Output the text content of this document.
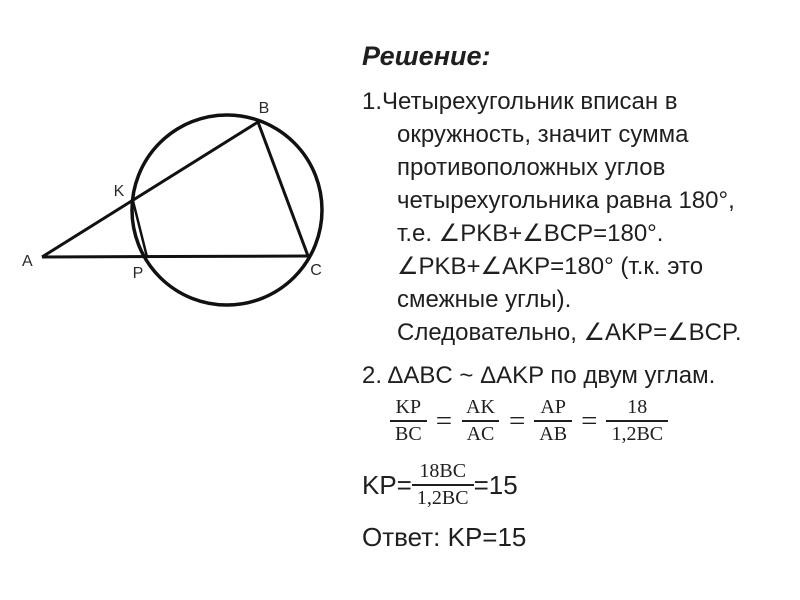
A
B
K
P	C
Решение:
1.Четырехугольник вписан в
окружность, значит сумма
противоположных углов
четырехугольника равна 180°,
т.е. ∠PKB+∠BCP=180°.
∠PKB+∠AKP=180° (т.к. это
смежные углы).
Следовательно, ∠AKP=∠BCP.
2. ΔABC ~ ΔAKP по двум углам.
$\frac{KP}{BC} = \frac{AK}{AC} = \frac{AP}{AB} = \frac{18}{1,2BC}$
$KP= \frac{18BC}{1,2BC} =15$
Ответ: KP=15
